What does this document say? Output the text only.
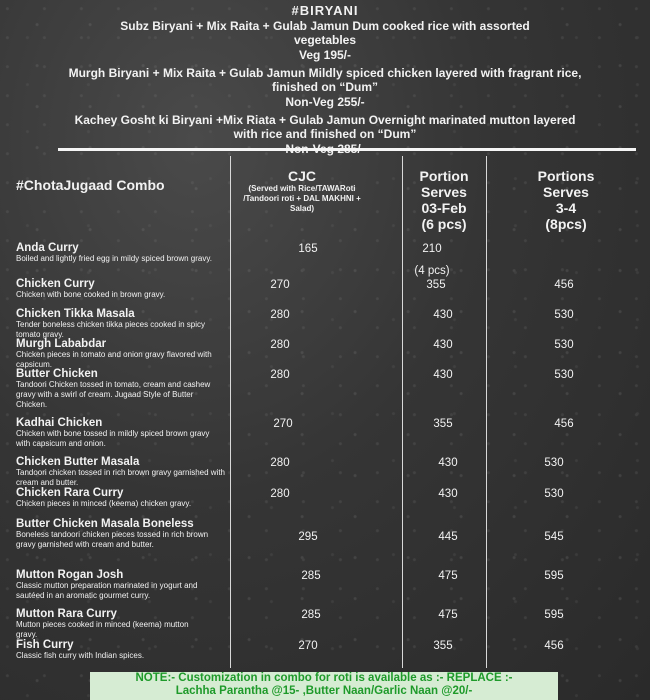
#BIRYANI
Subz Biryani + Mix Raita + Gulab Jamun Dum cooked rice with assorted
vegetables
Veg 195/-
Murgh Biryani + Mix Raita + Gulab Jamun Mildly spiced chicken layered with fragrant rice,
finished on “Dum”
Non-Veg 255/-
Kachey Gosht ki Biryani +Mix Riata + Gulab Jamun Overnight marinated mutton layered
with rice and finished on “Dum”
#ChotaJugaad Combo
CJC
(Served with Rice/TAWARoti /Tandoori roti + DAL MAKHNI + Salad)
Portion
Serves
03-Feb
(6 pcs)
Portions
Serves
3-4
(8pcs)
Anda Curry
Boiled and lightly fried egg in mildy spiced brown gravy.
165	210
(4 pcs)
Chicken Curry
Chicken with bone cooked in brown gravy.
270	355	456
Chicken Tikka Masala
Tender boneless chicken tikka pieces cooked in spicy tomato gravy.
280	430	530
Murgh Lababdar
Chicken pieces in tomato and onion gravy flavored with capsicum.
280	430	530
Butter Chicken
Tandoori Chicken tossed in tomato, cream and cashew gravy with a swirl of cream. Jugaad Style of Butter Chicken.
280	430	530
Kadhai Chicken
Chicken with bone tossed in mildly spiced brown gravy with capsicum and onion.
270	355	456
Chicken Butter Masala
Tandoori chicken tossed in rich brown gravy garnished with cream and butter.
280	430	530
Chicken Rara Curry
Chicken pieces in minced (keema) chicken gravy.
280	430	530
Butter Chicken Masala Boneless
Boneless tandoori chicken pieces tossed in rich brown gravy garnished with cream and butter.
295	445	545
Mutton Rogan Josh
Classic mutton preparation marinated in yogurt and sautéed in an aromatic gourmet curry.
285	475	595
Mutton Rara Curry
Mutton pieces cooked in minced (keema) mutton gravy.
285	475	595
Fish Curry
Classic fish curry with Indian spices.
270	355	456
NOTE:- Customization in combo for roti is available as :- REPLACE :-
Lachha Parantha @15- ,Butter Naan/Garlic Naan @20/-
